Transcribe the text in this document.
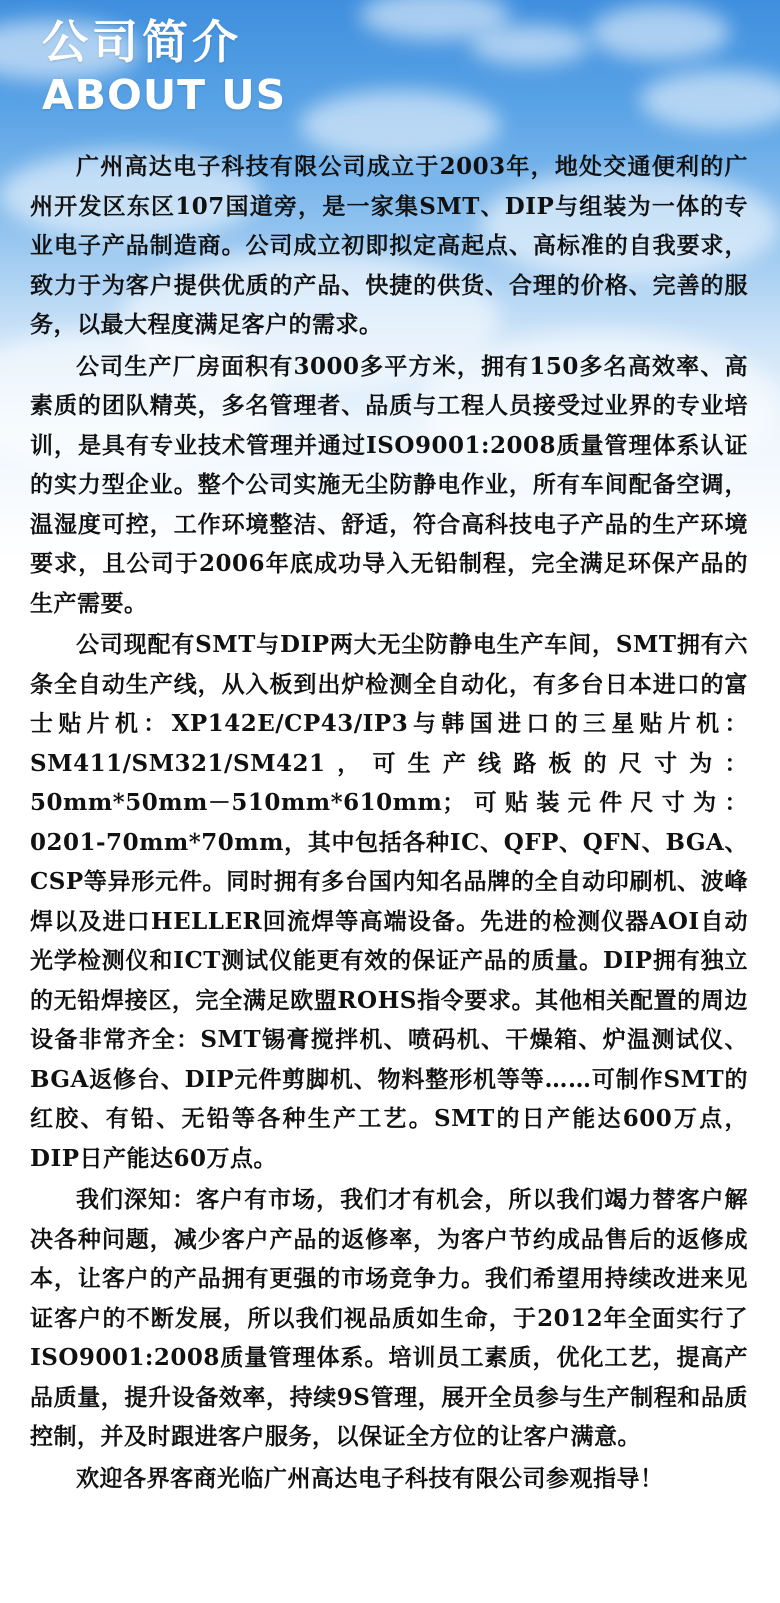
公司简介
ABOUT US

广州高达电子科技有限公司成立于2003年，地处交通便利的广州开发区东区107国道旁，是一家集SMT、DIP与组装为一体的专业电子产品制造商。公司成立初即拟定高起点、高标准的自我要求，致力于为客户提供优质的产品、快捷的供货、合理的价格、完善的服务，以最大程度满足客户的需求。

公司生产厂房面积有3000多平方米，拥有150多名高效率、高素质的团队精英，多名管理者、品质与工程人员接受过业界的专业培训，是具有专业技术管理并通过ISO9001:2008质量管理体系认证的实力型企业。整个公司实施无尘防静电作业，所有车间配备空调，温湿度可控，工作环境整洁、舒适，符合高科技电子产品的生产环境要求，且公司于2006年底成功导入无铅制程，完全满足环保产品的生产需要。

公司现配有SMT与DIP两大无尘防静电生产车间，SMT拥有六条全自动生产线，从入板到出炉检测全自动化，有多台日本进口的富士贴片机：XP142E/CP43/IP3与韩国进口的三星贴片机：SM411/SM321/SM421，可生产线路板的尺寸为：50mm*50mm－510mm*610mm；可贴装元件尺寸为：0201-70mm*70mm，其中包括各种IC、QFP、QFN、BGA、CSP等异形元件。同时拥有多台国内知名品牌的全自动印刷机、波峰焊以及进口HELLER回流焊等高端设备。先进的检测仪器AOI自动光学检测仪和ICT测试仪能更有效的保证产品的质量。DIP拥有独立的无铅焊接区，完全满足欧盟ROHS指令要求。其他相关配置的周边设备非常齐全：SMT锡膏搅拌机、喷码机、干燥箱、炉温测试仪、BGA返修台、DIP元件剪脚机、物料整形机等等……可制作SMT的红胶、有铅、无铅等各种生产工艺。SMT的日产能达600万点，DIP日产能达60万点。

我们深知：客户有市场，我们才有机会，所以我们竭力替客户解决各种问题，减少客户产品的返修率，为客户节约成品售后的返修成本，让客户的产品拥有更强的市场竞争力。我们希望用持续改进来见证客户的不断发展，所以我们视品质如生命，于2012年全面实行了ISO9001:2008质量管理体系。培训员工素质，优化工艺，提高产品质量，提升设备效率，持续9S管理，展开全员参与生产制程和品质控制，并及时跟进客户服务，以保证全方位的让客户满意。

欢迎各界客商光临广州高达电子科技有限公司参观指导！
